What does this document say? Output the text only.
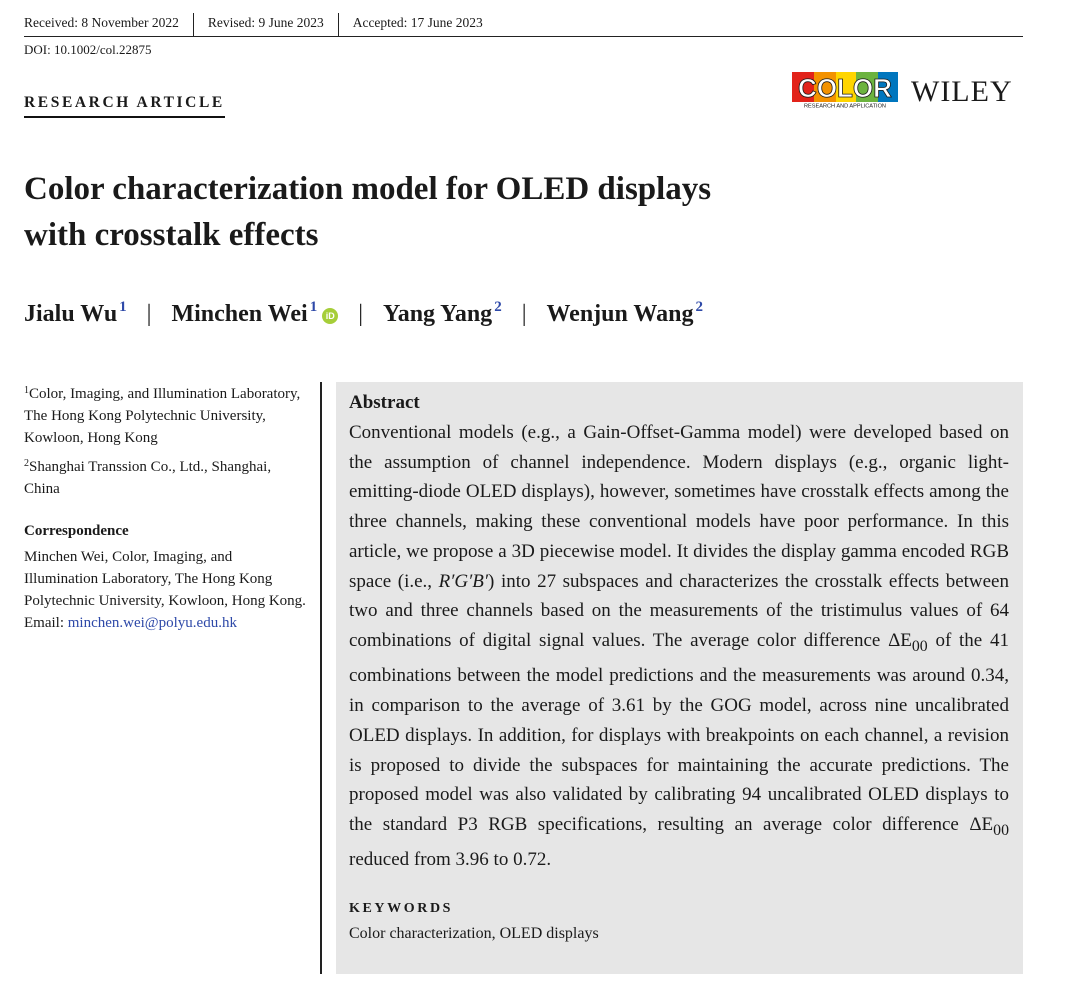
Received: 8 November 2022	Revised: 9 June 2023	Accepted: 17 June 2023
DOI: 10.1002/col.22875
RESEARCH ARTICLE	COLOR
RESEARCH AND APPLICATION WILEY
Color characterization model for OLED displays
with crosstalk effects
Jialu Wu $^1$ | Minchen Wei $^1$iD | Yang Yang $^2$ | Wenjun Wang $^2$

$^1$Color, Imaging, and Illumination Laboratory, The Hong Kong Polytechnic University, Kowloon, Hong Kong

$^2$Shanghai Transsion Co., Ltd., Shanghai, China

Correspondence

Minchen Wei, Color, Imaging, and Illumination Laboratory, The Hong Kong Polytechnic University, Kowloon, Hong Kong.
Email: minchen.wei@polyu.edu.hk

Abstract

Conventional models (e.g., a Gain-Offset-Gamma model) were developed based on the assumption of channel independence. Modern displays (e.g., organic light-emitting-diode OLED displays), however, sometimes have crosstalk effects among the three channels, making these conventional models have poor performance. In this article, we propose a 3D piecewise model. It divides the display gamma encoded RGB space (i.e., R′G′B′) into 27 subspaces and characterizes the crosstalk effects between two and three channels based on the measurements of the tristimulus values of 64 combinations of digital signal values. The average color difference $\Delta E_{00}$ of the 41 combinations between the model predictions and the measurements was around 0.34, in comparison to the average of 3.61 by the GOG model, across nine uncalibrated OLED displays. In addition, for displays with breakpoints on each channel, a revision is proposed to divide the subspaces for maintaining the accurate predictions. The proposed model was also validated by calibrating 94 uncalibrated OLED displays to the standard P3 RGB specifications, resulting an average color difference $\Delta E_{00}$ reduced from 3.96 to 0.72.

KEYWORDS
Color characterization, OLED displays
